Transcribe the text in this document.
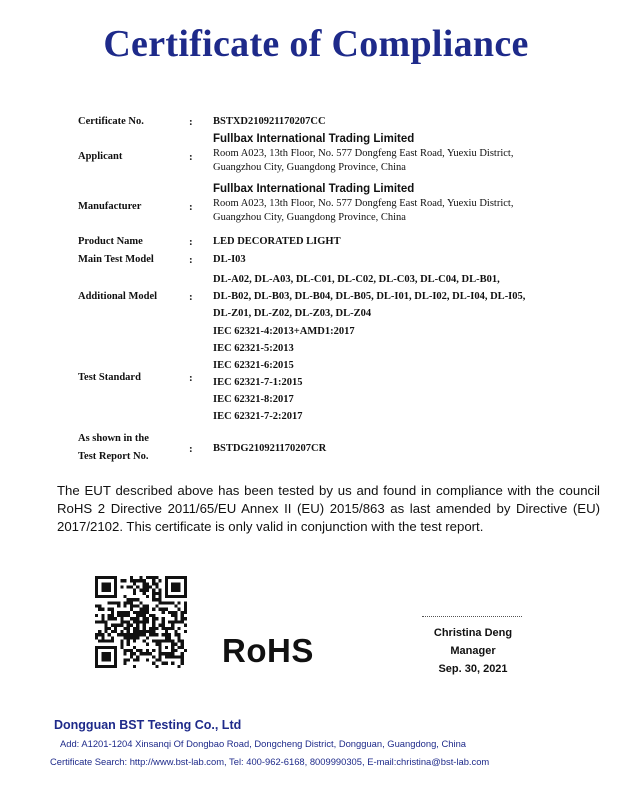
Certificate of Compliance
Certificate No.	: BSTXD210921170207CC
Applicant	:
Fullbax International Trading Limited
Room A023, 13th Floor, No. 577 Dongfeng East Road, Yuexiu District,
Guangzhou City, Guangdong Province, China
Manufacturer	:
Fullbax International Trading Limited
Room A023, 13th Floor, No. 577 Dongfeng East Road, Yuexiu District,
Guangzhou City, Guangdong Province, China
Product Name	: LED DECORATED LIGHT
Main Test Model	: DL-I03
Additional Model	:
DL-A02, DL-A03, DL-C01, DL-C02, DL-C03, DL-C04, DL-B01,
DL-B02, DL-B03, DL-B04, DL-B05, DL-I01, DL-I02, DL-I04, DL-I05,
DL-Z01, DL-Z02, DL-Z03, DL-Z04
Test Standard	:
IEC 62321-4:2013+AMD1:2017
IEC 62321-5:2013
IEC 62321-6:2015
IEC 62321-7-1:2015
IEC 62321-8:2017
IEC 62321-7-2:2017
As shown in the
Test Report No.
: BSTDG210921170207CR
The EUT described above has been tested by us and found in compliance with the council RoHS 2 Directive 2011/65/EU Annex II (EU) 2015/863 as last amended by Directive (EU) 2017/2102. This certificate is only valid in conjunction with the test report.
RoHS	Christina Deng
Manager
Sep. 30, 2021
Dongguan BST Testing Co., Ltd
Add: A1201-1204 Xinsanqi Of Dongbao Road, Dongcheng District, Dongguan, Guangdong, China
Certificate Search: http://www.bst-lab.com, Tel: 400-962-6168, 8009990305, E-mail:christina@bst-lab.com
